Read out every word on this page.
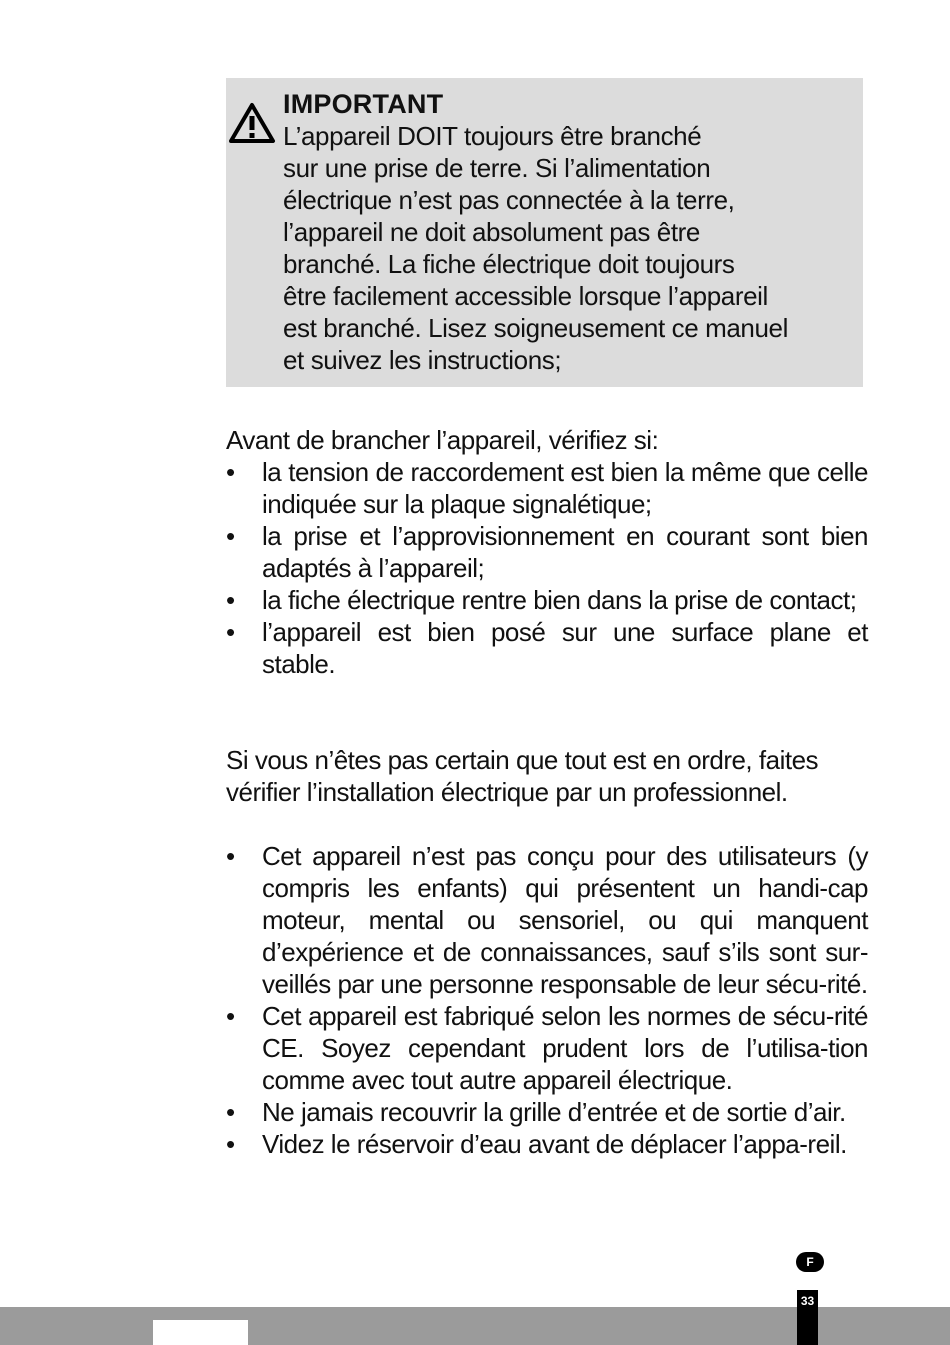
IMPORTANT
L’appareil DOIT toujours être branché
sur une prise de terre. Si l’alimentation
électrique n’est pas connectée à la terre,
l’appareil ne doit absolument pas être
branché. La fiche électrique doit toujours
être facilement accessible lorsque l’appareil
est branché. Lisez soigneusement ce manuel
et suivez les instructions;

Avant de brancher l’appareil, vérifiez si:

•	la tension de raccordement est bien la même que celle indiquée sur la plaque signalétique;
•	la prise et l’approvisionnement en courant sont bien adaptés à l’appareil;
•	la fiche électrique rentre bien dans la prise de contact;
•	l’appareil est bien posé sur une surface plane et stable.

Si vous n’êtes pas certain que tout est en ordre, faites vérifier l’installation électrique par un professionnel.

•	Cet appareil n’est pas conçu pour des utilisateurs (y compris les enfants) qui présentent un handi-cap moteur, mental ou sensoriel, ou qui manquent d’expérience et de connaissances, sauf s’ils sont sur-veillés par une personne responsable de leur sécu-rité.
•	Cet appareil est fabriqué selon les normes de sécu-rité CE. Soyez cependant prudent lors de l’utilisa-tion comme avec tout autre appareil électrique.
•	Ne jamais recouvrir la grille d’entrée et de sortie d’air.
•	Videz le réservoir d’eau avant de déplacer l’appa-reil.
F
33
